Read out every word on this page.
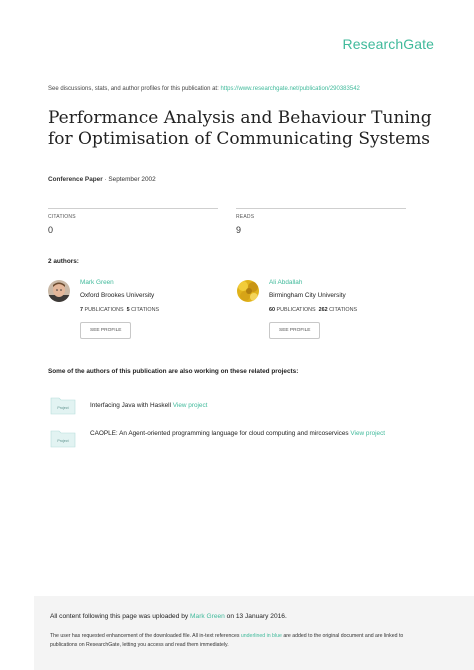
ResearchGate
See discussions, stats, and author profiles for this publication at: https://www.researchgate.net/publication/290383542
Performance Analysis and Behaviour Tuning
for Optimisation of Communicating Systems
Conference Paper · September 2002
CITATIONS
0
READS
9
2 authors:
Mark Green
Oxford Brookes University
7 PUBLICATIONS 5 CITATIONS
SEE PROFILE
Ali Abdallah
Birmingham City University
60 PUBLICATIONS 262 CITATIONS
SEE PROFILE
Some of the authors of this publication are also working on these related projects:
Project	Interfacing Java with Haskell View project
Project
CAOPLE: An Agent-oriented programming language for cloud computing and mircoservices View project
All content following this page was uploaded by Mark Green on 13 January 2016.
The user has requested enhancement of the downloaded file. All in-text references underlined in blue are added to the original document and are linked to publications on ResearchGate, letting you access and read them immediately.
